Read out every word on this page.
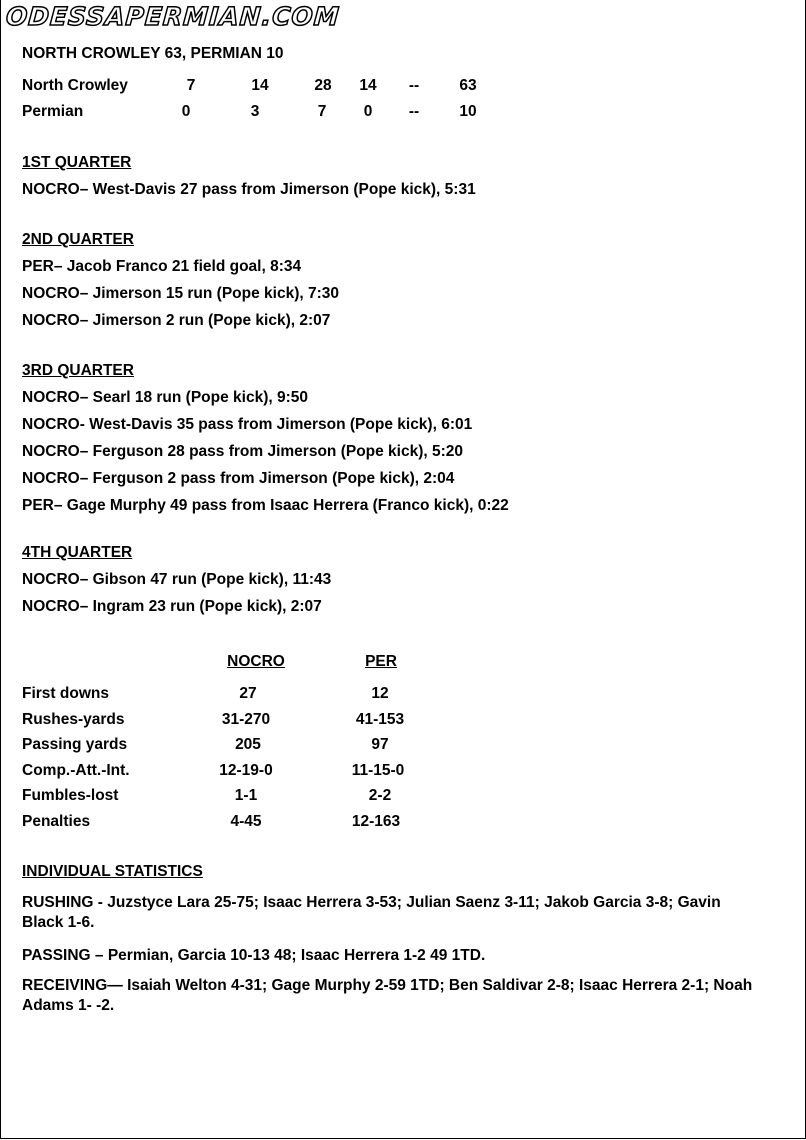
ODESSAPERMIAN.COM
NORTH CROWLEY 63, PERMIAN 10
North Crowley	7	14	28	14	--	63
Permian	0	3	7	0	--	10
1ST QUARTER
NOCRO– West-Davis 27 pass from Jimerson (Pope kick), 5:31
2ND QUARTER
PER– Jacob Franco 21 field goal, 8:34
NOCRO– Jimerson 15 run (Pope kick), 7:30
NOCRO– Jimerson 2 run (Pope kick), 2:07
3RD QUARTER
NOCRO– Searl 18 run (Pope kick), 9:50
NOCRO- West-Davis 35 pass from Jimerson (Pope kick), 6:01
NOCRO– Ferguson 28 pass from Jimerson (Pope kick), 5:20
NOCRO– Ferguson 2 pass from Jimerson (Pope kick), 2:04
PER– Gage Murphy 49 pass from Isaac Herrera (Franco kick), 0:22
4TH QUARTER
NOCRO– Gibson 47 run (Pope kick), 11:43
NOCRO– Ingram 23 run (Pope kick), 2:07
NOCRO	PER
First downs	27	12
Rushes-yards	31-270	41-153
Passing yards	205	97
Comp.-Att.-Int.	12-19-0	11-15-0
Fumbles-lost	1-1	2-2
Penalties	4-45	12-163
INDIVIDUAL STATISTICS
RUSHING - Juzstyce Lara 25-75; Isaac Herrera 3-53; Julian Saenz 3-11; Jakob Garcia 3-8; Gavin Black 1-6.
PASSING – Permian, Garcia 10-13 48; Isaac Herrera 1-2 49 1TD.
RECEIVING— Isaiah Welton 4-31; Gage Murphy 2-59 1TD; Ben Saldivar 2-8; Isaac Herrera 2-1; Noah Adams 1- -2.
